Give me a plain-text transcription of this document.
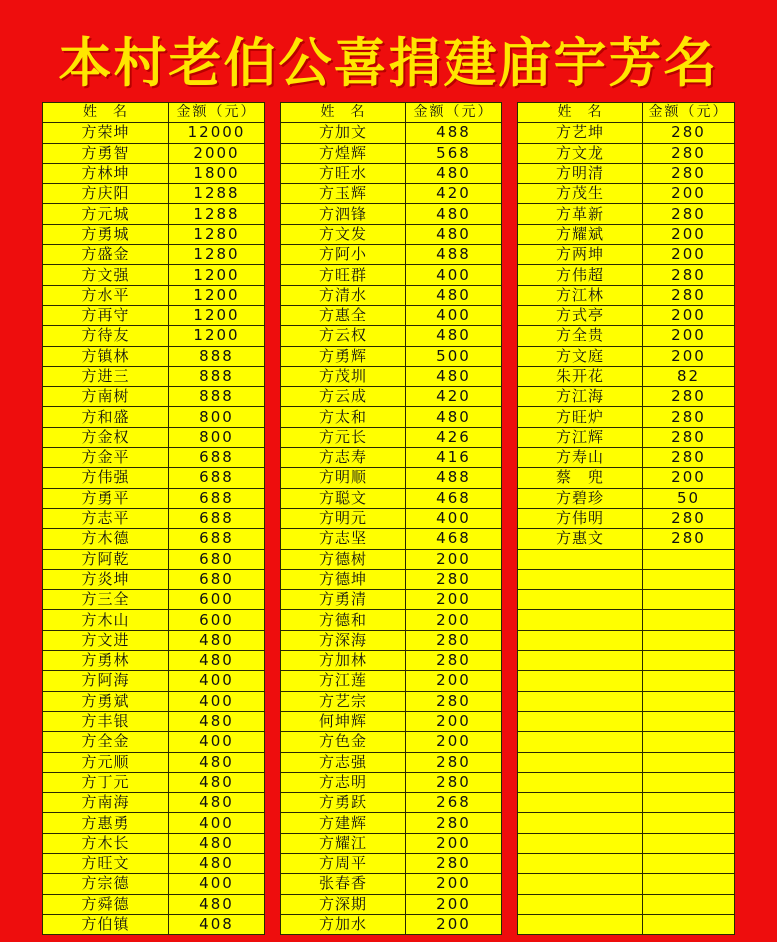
本村老伯公喜捐建庙宇芳名
姓　名	金额（元）
方荣坤	12000
方勇智	2000
方林坤	1800
方庆阳	1288
方元城	1288
方勇城	1280
方盛金	1280
方文强	1200
方水平	1200
方再守	1200
方待友	1200
方镇林	888
方进三	888
方南树	888
方和盛	800
方金权	800
方金平	688
方伟强	688
方勇平	688
方志平	688
方木德	688
方阿乾	680
方炎坤	680
方三全	600
方木山	600
方文进	480
方勇林	480
方阿海	400
方勇斌	400
方丰银	480
方全金	400
方元顺	480
方丁元	480
方南海	480
方惠勇	400
方木长	480
方旺文	480
方宗德	400
方舜德	480
方伯镇	408
姓　名	金额（元）
方加文	488
方煌辉	568
方旺水	480
方玉辉	420
方泗锋	480
方文发	480
方阿小	488
方旺群	400
方清水	480
方惠全	400
方云权	480
方勇辉	500
方茂圳	480
方云成	420
方太和	480
方元长	426
方志寿	416
方明顺	488
方聪文	468
方明元	400
方志坚	468
方德树	200
方德坤	280
方勇清	200
方德和	200
方深海	280
方加林	280
方江莲	200
方艺宗	280
何坤辉	200
方色金	200
方志强	280
方志明	280
方勇跃	268
方建辉	280
方耀江	200
方周平	280
张春香	200
方深期	200
方加水	200
姓　名	金额（元）
方艺坤	280
方文龙	280
方明清	280
方茂生	200
方革新	280
方耀斌	200
方两坤	200
方伟超	280
方江林	280
方式亭	200
方全贵	200
方文庭	200
朱开花	82
方江海	280
方旺炉	280
方江辉	280
方寿山	280
蔡　兜	200
方碧珍	50
方伟明	280
方惠文	280
